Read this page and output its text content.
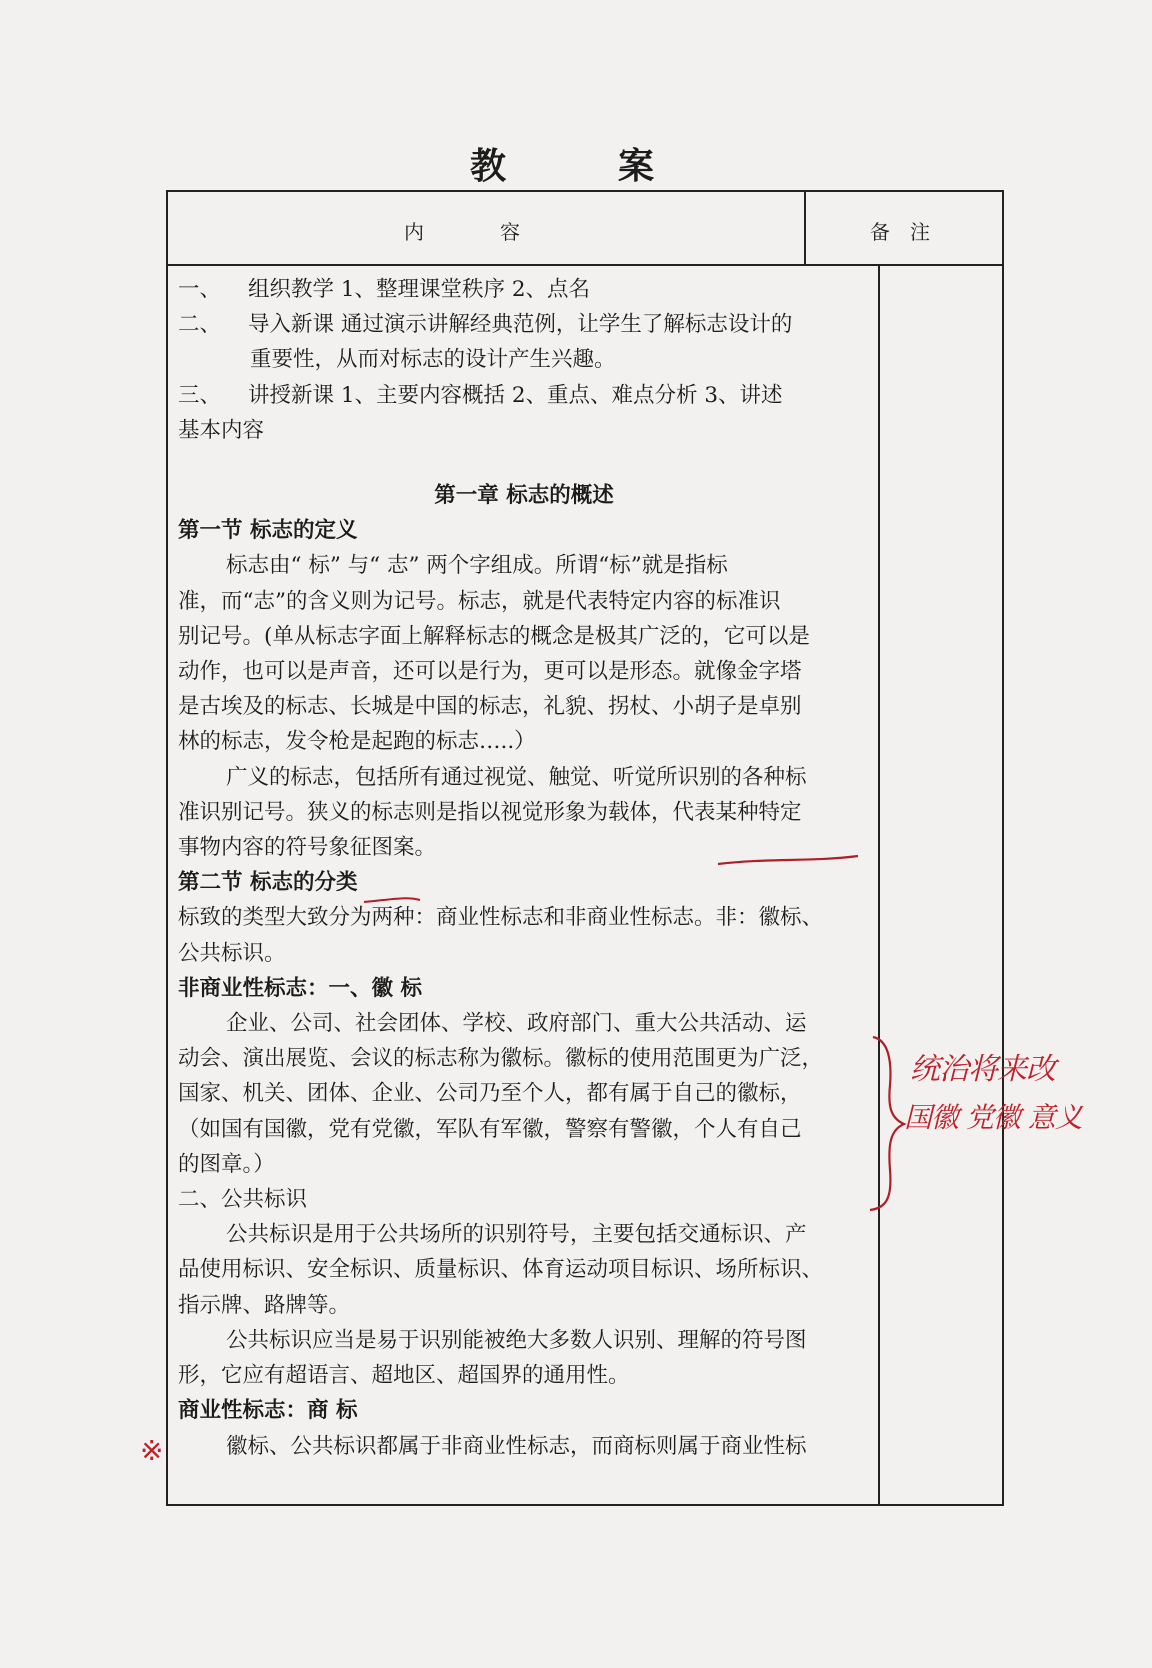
教	案
内	容	备 注

一、 组织教学 1、整理课堂秩序 2、点名

二、 导入新课 通过演示讲解经典范例，让学生了解标志设计的

重要性，从而对标志的设计产生兴趣。

三、 讲授新课 1、主要内容概括 2、重点、难点分析 3、讲述

基本内容

第一章 标志的概述

第一节 标志的定义

标志由“ 标” 与“ 志” 两个字组成。所谓“标”就是指标

准，而“志”的含义则为记号。标志，就是代表特定内容的标准识

别记号。(单从标志字面上解释标志的概念是极其广泛的，它可以是

动作，也可以是声音，还可以是行为，更可以是形态。就像金字塔

是古埃及的标志、长城是中国的标志，礼貌、拐杖、小胡子是卓别

林的标志，发令枪是起跑的标志…..）

广义的标志，包括所有通过视觉、触觉、听觉所识别的各种标

准识别记号。狭义的标志则是指以视觉形象为载体，代表某种特定

事物内容的符号象征图案。

第二节 标志的分类

标致的类型大致分为两种：商业性标志和非商业性标志。非：徽标、

公共标识。

非商业性标志：一、徽 标

企业、公司、社会团体、学校、政府部门、重大公共活动、运

动会、演出展览、会议的标志称为徽标。徽标的使用范围更为广泛，

国家、机关、团体、企业、公司乃至个人，都有属于自己的徽标，

（如国有国徽，党有党徽，军队有军徽，警察有警徽，个人有自己

的图章。）

二、公共标识

公共标识是用于公共场所的识别符号，主要包括交通标识、产

品使用标识、安全标识、质量标识、体育运动项目标识、场所标识、

指示牌、路牌等。

公共标识应当是易于识别能被绝大多数人识别、理解的符号图

形，它应有超语言、超地区、超国界的通用性。

商业性标志：商 标

徽标、公共标识都属于非商业性标志，而商标则属于商业性标

统治将来改
国徽 党徽 意义
※
